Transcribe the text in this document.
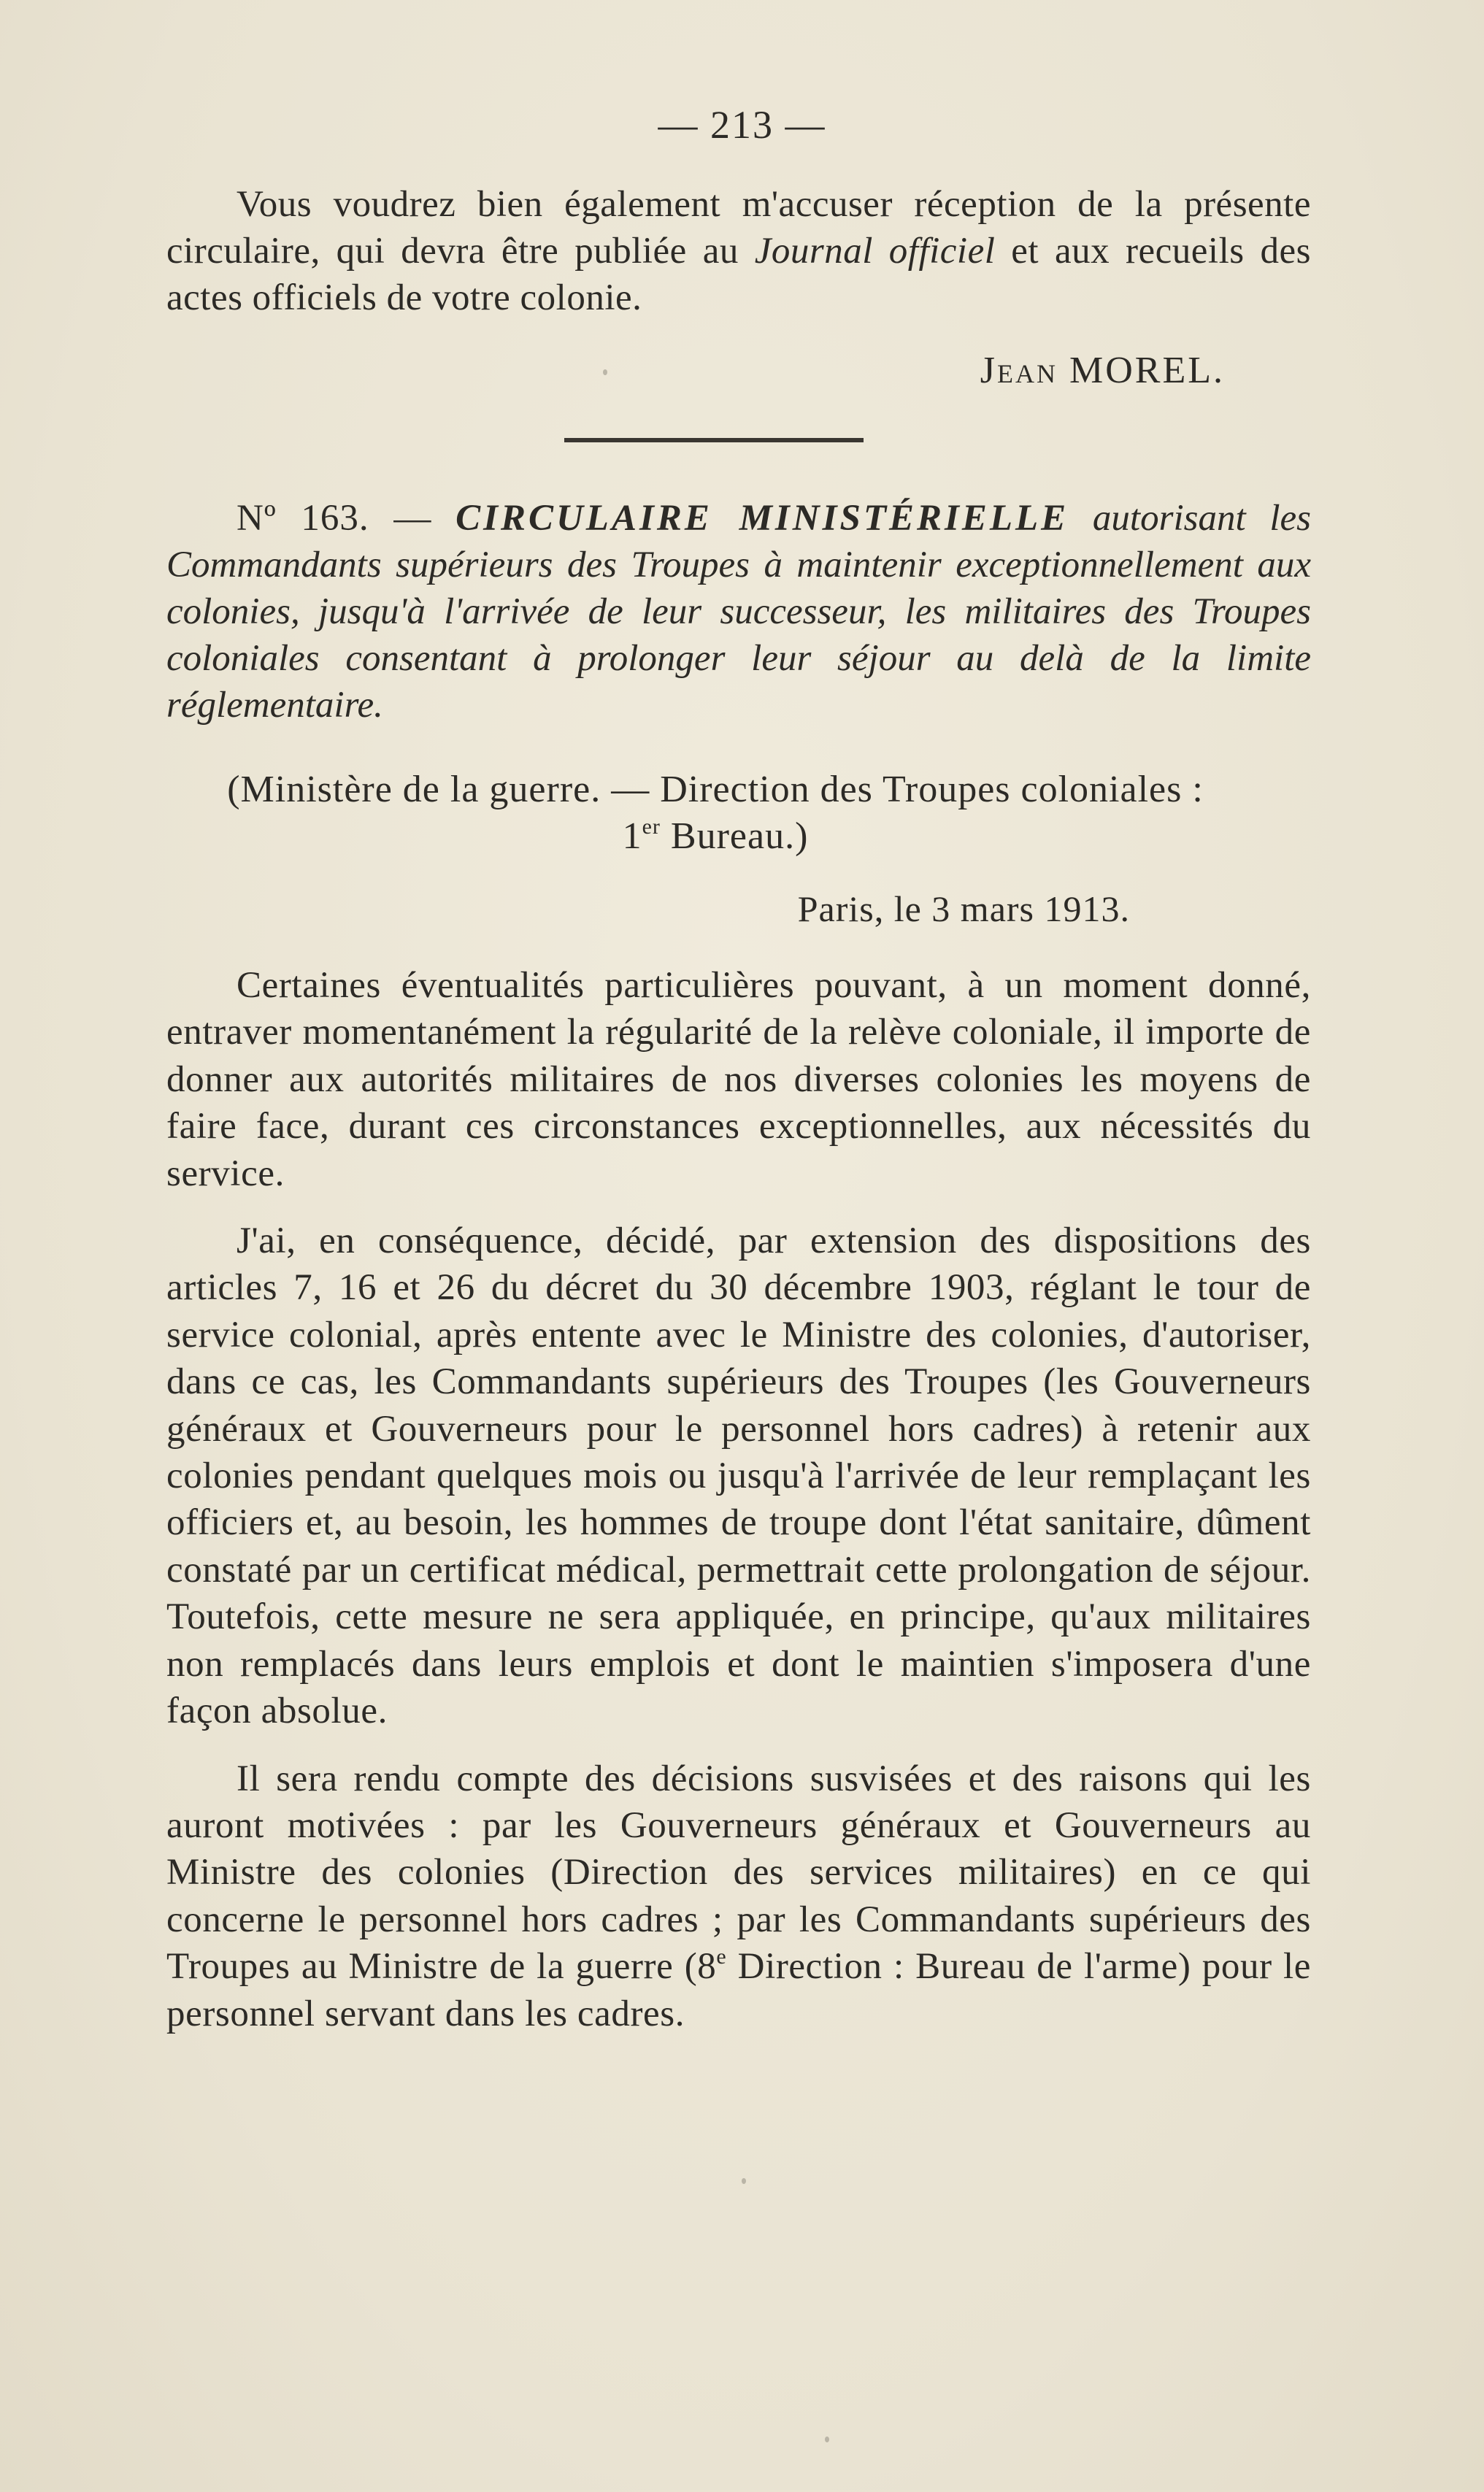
— 213 —

Vous voudrez bien également m'accuser réception de la présente circulaire, qui devra être publiée au Journal officiel et aux recueils des actes officiels de votre colonie.

Jean MOREL.

Nº 163. — CIRCULAIRE MINISTÉRIELLE autorisant les Commandants supérieurs des Troupes à maintenir exceptionnellement aux colonies, jusqu'à l'arrivée de leur successeur, les militaires des Troupes coloniales consentant à prolonger leur séjour au delà de la limite réglementaire.

(Ministère de la guerre. — Direction des Troupes coloniales :
1er Bureau.)
Paris, le 3 mars 1913.

Certaines éventualités particulières pouvant, à un moment donné, entraver momentanément la régularité de la relève coloniale, il importe de donner aux autorités militaires de nos diverses colonies les moyens de faire face, durant ces circonstances exceptionnelles, aux nécessités du service.

J'ai, en conséquence, décidé, par extension des dispositions des articles 7, 16 et 26 du décret du 30 décembre 1903, réglant le tour de service colonial, après entente avec le Ministre des colonies, d'autoriser, dans ce cas, les Commandants supérieurs des Troupes (les Gouverneurs généraux et Gouverneurs pour le personnel hors cadres) à retenir aux colonies pendant quelques mois ou jusqu'à l'arrivée de leur remplaçant les officiers et, au besoin, les hommes de troupe dont l'état sanitaire, dûment constaté par un certificat médical, permettrait cette prolongation de séjour. Toutefois, cette mesure ne sera appliquée, en principe, qu'aux militaires non remplacés dans leurs emplois et dont le maintien s'imposera d'une façon absolue.

Il sera rendu compte des décisions susvisées et des raisons qui les auront motivées : par les Gouverneurs généraux et Gouverneurs au Ministre des colonies (Direction des services militaires) en ce qui concerne le personnel hors cadres ; par les Commandants supérieurs des Troupes au Ministre de la guerre (8e Direction : Bureau de l'arme) pour le personnel servant dans les cadres.
